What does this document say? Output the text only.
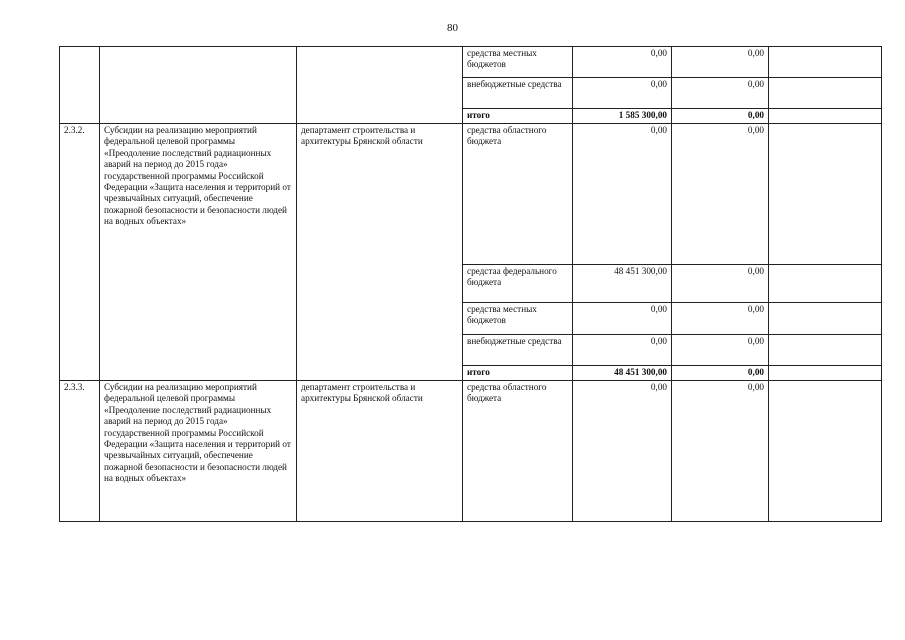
80
			средства местных бюджетов	0,00	0,00	
			внебюджетные средства	0,00	0,00	
			итого	1 585 300,00	0,00	
2.3.2.	Субсидии на реализацию мероприятий федеральной целевой программы «Преодоление последствий радиационных аварий на период до 2015 года» государственной программы Российской Федерации «Защита населения и территорий от чрезвычайных ситуаций, обеспечение пожарной безопасности и безопасности людей на водных объектах»	департамент строительства и архитектуры Брянской области	средства областного бюджета	0,00	0,00	
			средстаа федерального бюджета	48 451 300,00	0,00	
			средства местных бюджетов	0,00	0,00	
			внебюджетные средства	0,00	0,00	
			итого	48 451 300,00	0,00	
2.3.3.	Субсидии на реализацию мероприятий федеральной целевой программы «Преодоление последствий радиационных аварий на период до 2015 года» государственной программы Российской Федерации «Защита населения и территорий от чрезвычайных ситуаций, обеспечение пожарной безопасности и безопасности людей на водных объектах»	департамент строительства и архитектуры Брянской области	средства областного бюджета	0,00	0,00	
